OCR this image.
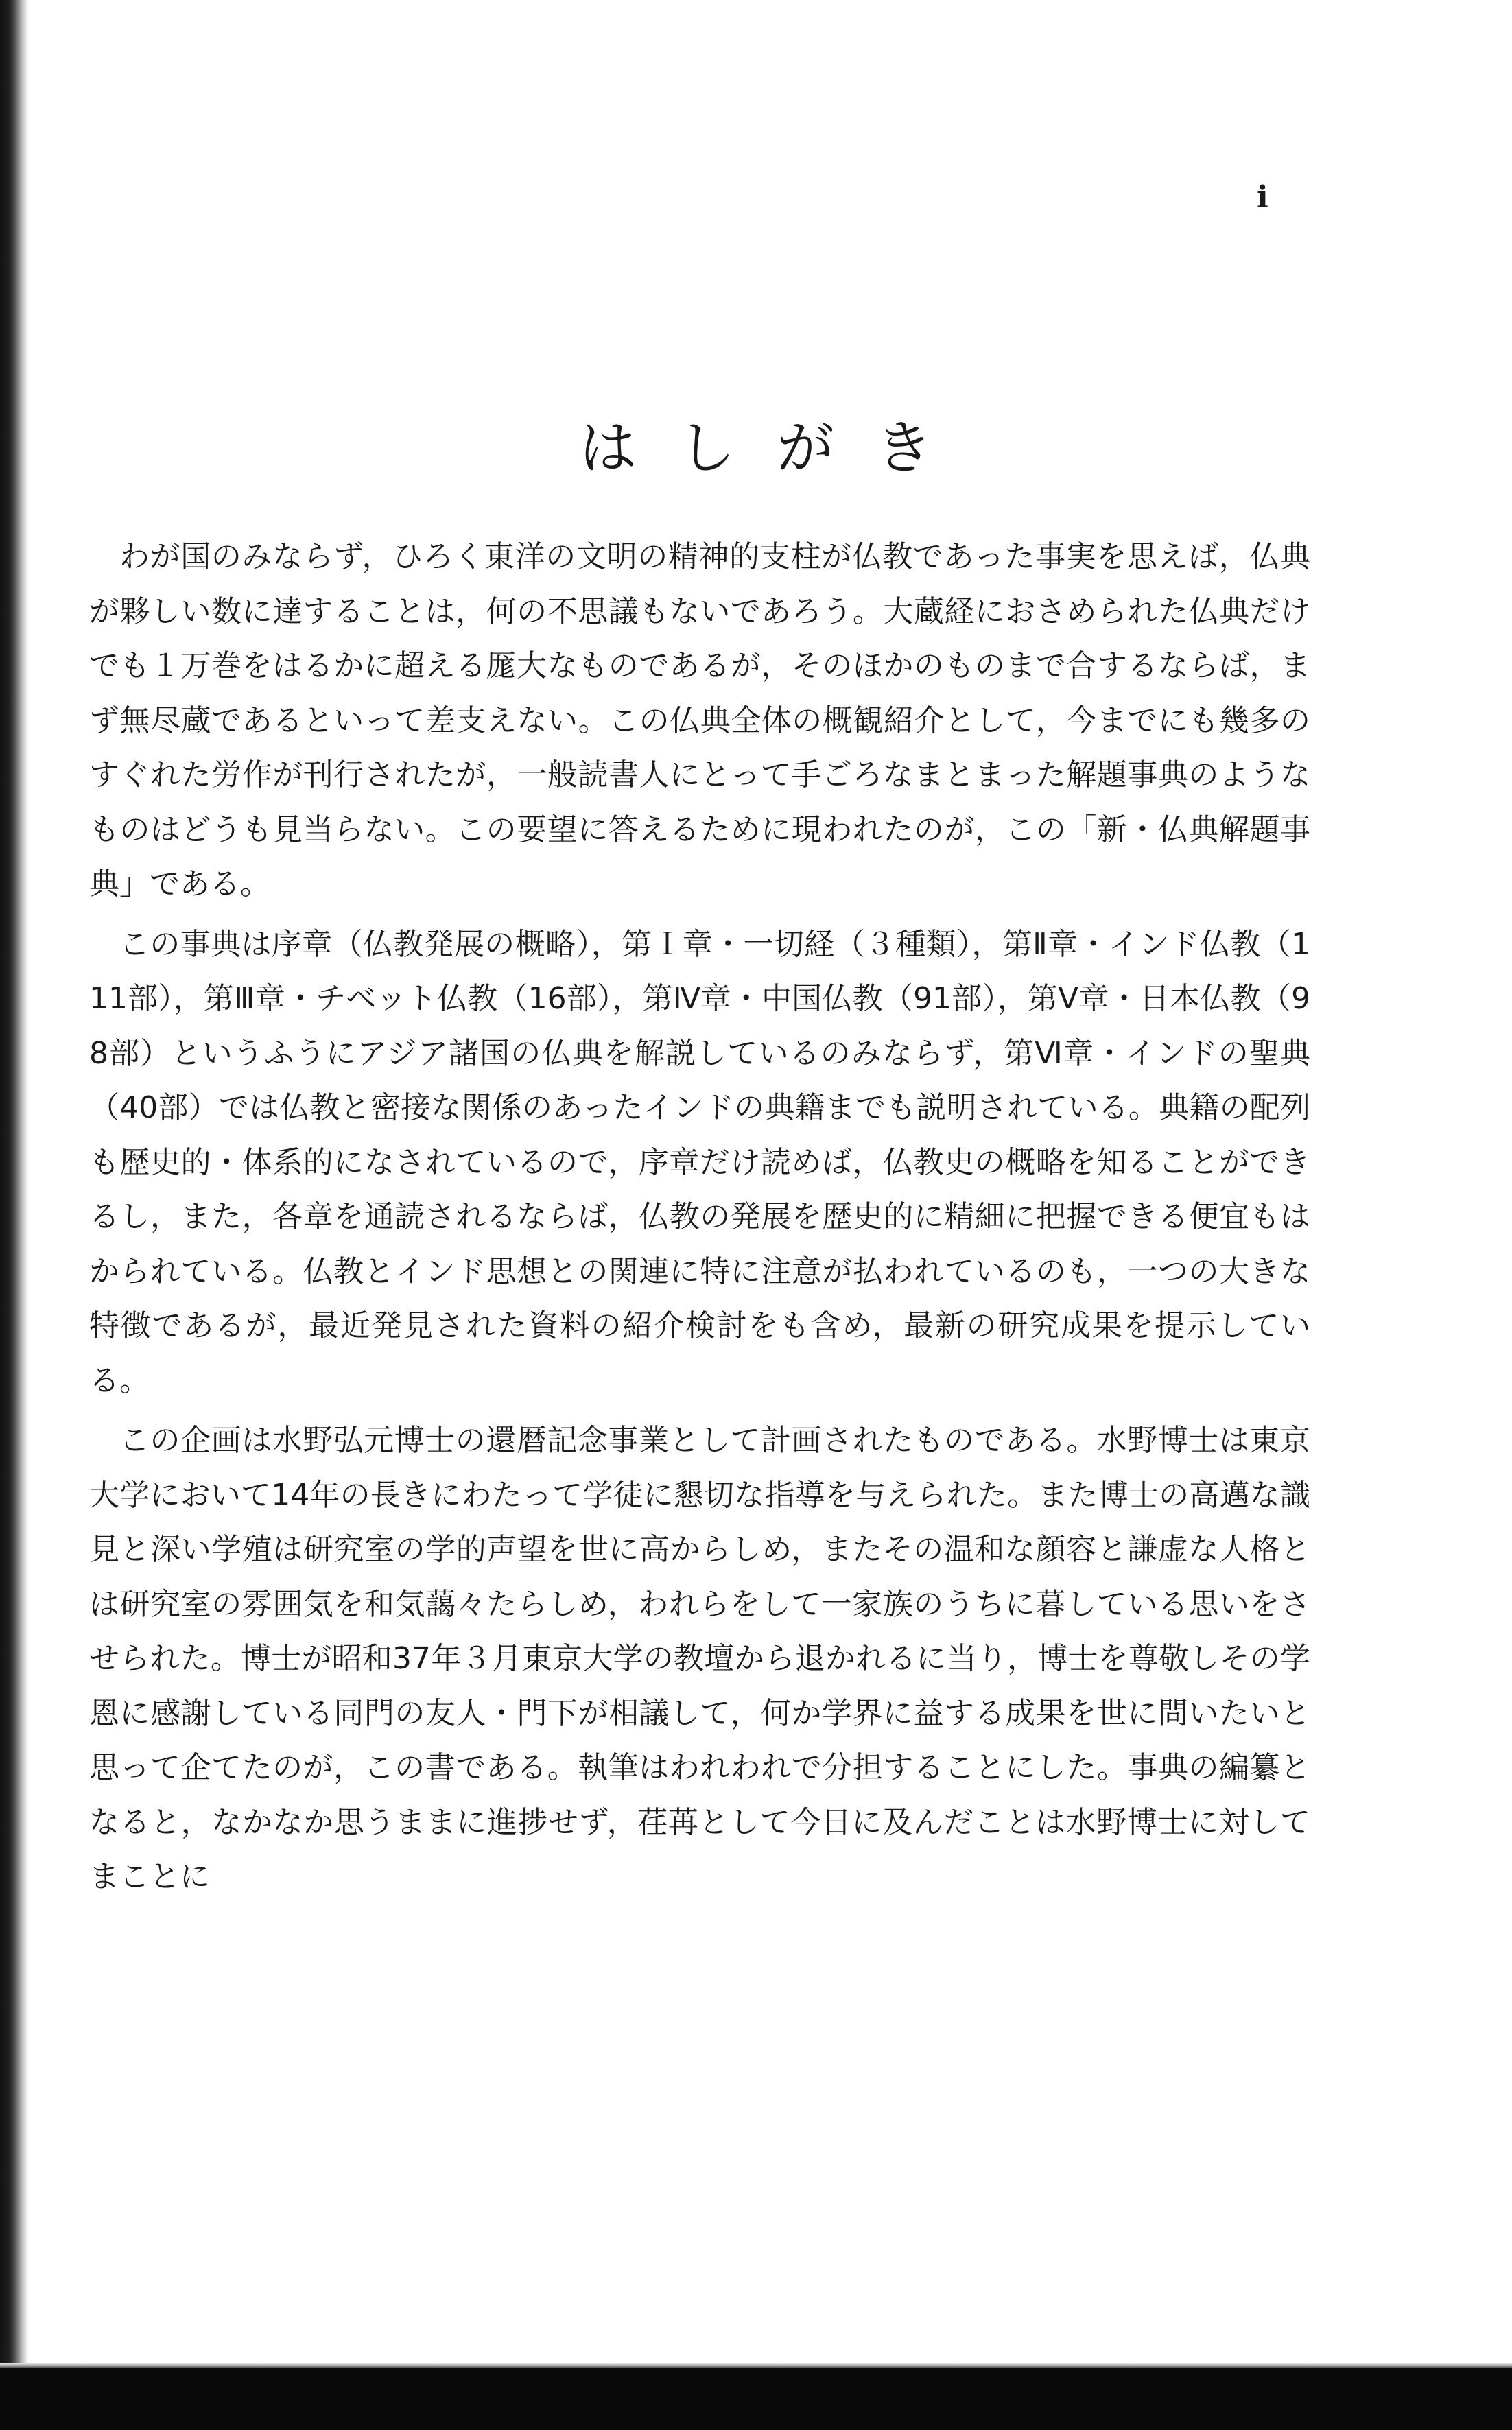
i
はしがき

わが国のみならず，ひろく東洋の文明の精神的支柱が仏教であった事実を思えば，仏典が夥しい数に達することは，何の不思議もないであろう。大蔵経におさめられた仏典だけでも１万巻をはるかに超える厖大なものであるが，そのほかのものまで合するならば，まず無尽蔵であるといって差支えない。この仏典全体の概観紹介として，今までにも幾多のすぐれた労作が刊行されたが，一般読書人にとって手ごろなまとまった解題事典のようなものはどうも見当らない。この要望に答えるために現われたのが，この「新・仏典解題事典」である。

この事典は序章（仏教発展の概略），第Ｉ章・一切経（３種類），第Ⅱ章・インド仏教（111部），第Ⅲ章・チベット仏教（16部），第Ⅳ章・中国仏教（91部），第Ⅴ章・日本仏教（98部）というふうにアジア諸国の仏典を解説しているのみならず，第Ⅵ章・インドの聖典（40部）では仏教と密接な関係のあったインドの典籍までも説明されている。典籍の配列も歴史的・体系的になされているので，序章だけ読めば，仏教史の概略を知ることができるし，また，各章を通読されるならば，仏教の発展を歴史的に精細に把握できる便宜もはかられている。仏教とインド思想との関連に特に注意が払われているのも，一つの大きな特徴であるが，最近発見された資料の紹介検討をも含め，最新の研究成果を提示している。

この企画は水野弘元博士の還暦記念事業として計画されたものである。水野博士は東京大学において14年の長きにわたって学徒に懇切な指導を与えられた。また博士の高邁な識見と深い学殖は研究室の学的声望を世に高からしめ，またその温和な顔容と謙虚な人格とは研究室の雰囲気を和気藹々たらしめ，われらをして一家族のうちに暮している思いをさせられた。博士が昭和37年３月東京大学の教壇から退かれるに当り，博士を尊敬しその学恩に感謝している同門の友人・門下が相議して，何か学界に益する成果を世に問いたいと思って企てたのが，この書である。執筆はわれわれで分担することにした。事典の編纂となると，なかなか思うままに進捗せず，荏苒として今日に及んだことは水野博士に対してまことに
